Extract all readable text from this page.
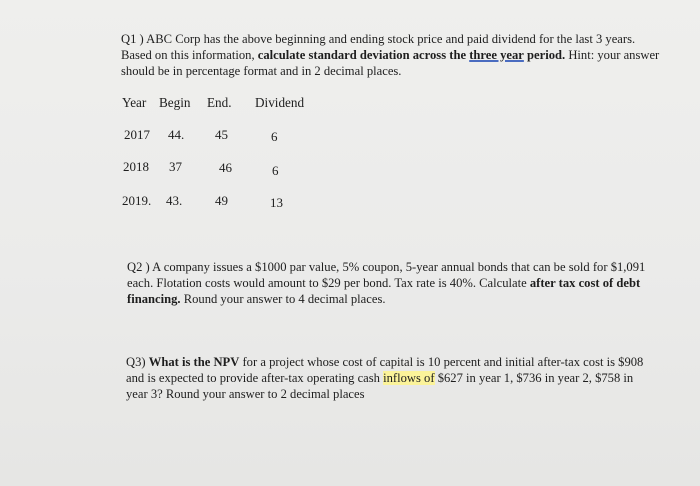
Q1 ) ABC Corp has the above beginning and ending stock price and paid dividend for the last 3 years. Based on this information, calculate standard deviation across the three year period. Hint: your answer should be in percentage format and in 2 decimal places.
Year Begin End. Dividend
2017 44. 45	6
2018 37	46	6
2019. 43.	49	13
Q2 ) A company issues a $1000 par value, 5% coupon, 5-year annual bonds that can be sold for $1,091 each. Flotation costs would amount to $29 per bond. Tax rate is 40%. Calculate after tax cost of debt financing. Round your answer to 4 decimal places.
Q3) What is the NPV for a project whose cost of capital is 10 percent and initial after-tax cost is $908 and is expected to provide after-tax operating cash inflows of $627 in year 1, $736 in year 2, $758 in year 3? Round your answer to 2 decimal places
